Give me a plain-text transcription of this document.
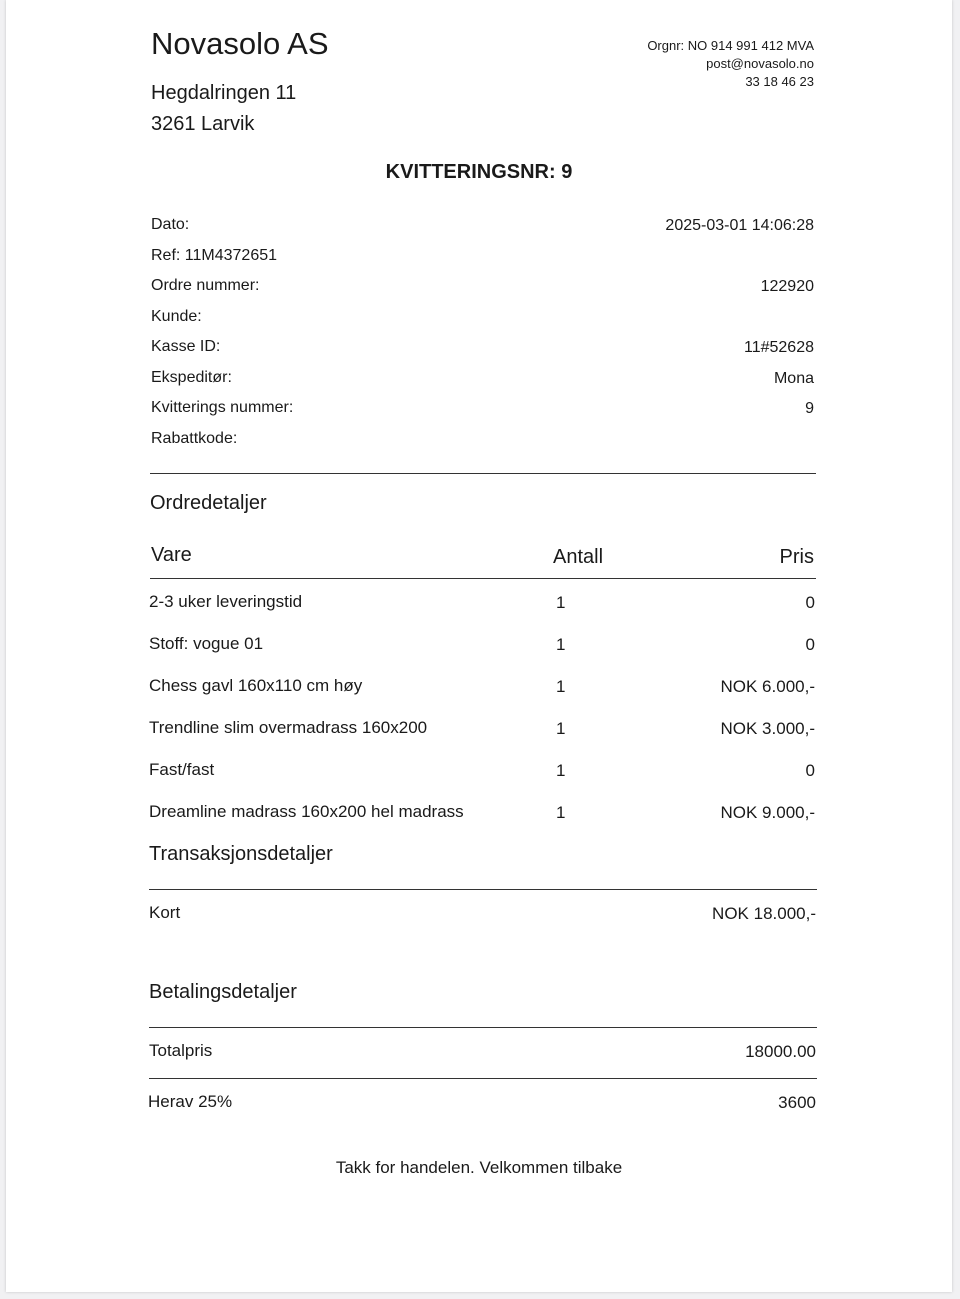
Novasolo AS
Hegdalringen 11
3261 Larvik
Orgnr: NO 914 991 412 MVA
post@novasolo.no
33 18 46 23
KVITTERINGSNR: 9
Dato:	2025-03-01 14:06:28
Ref: 11M4372651
Ordre nummer:	122920
Kunde:
Kasse ID:	11#52628
Ekspeditør:	Mona
Kvitterings nummer:	9
Rabattkode:
Ordredetaljer
Vare	Antall	Pris
2-3 uker leveringstid	1	0
Stoff: vogue 01	1	0
Chess gavl 160x110 cm høy	1	NOK 6.000,-
Trendline slim overmadrass 160x200	1	NOK 3.000,-
Fast/fast	1	0
Dreamline madrass 160x200 hel madrass	1	NOK 9.000,-
Transaksjonsdetaljer
Kort	NOK 18.000,-
Betalingsdetaljer
Totalpris	18000.00
Herav 25%	3600
Takk for handelen. Velkommen tilbake
